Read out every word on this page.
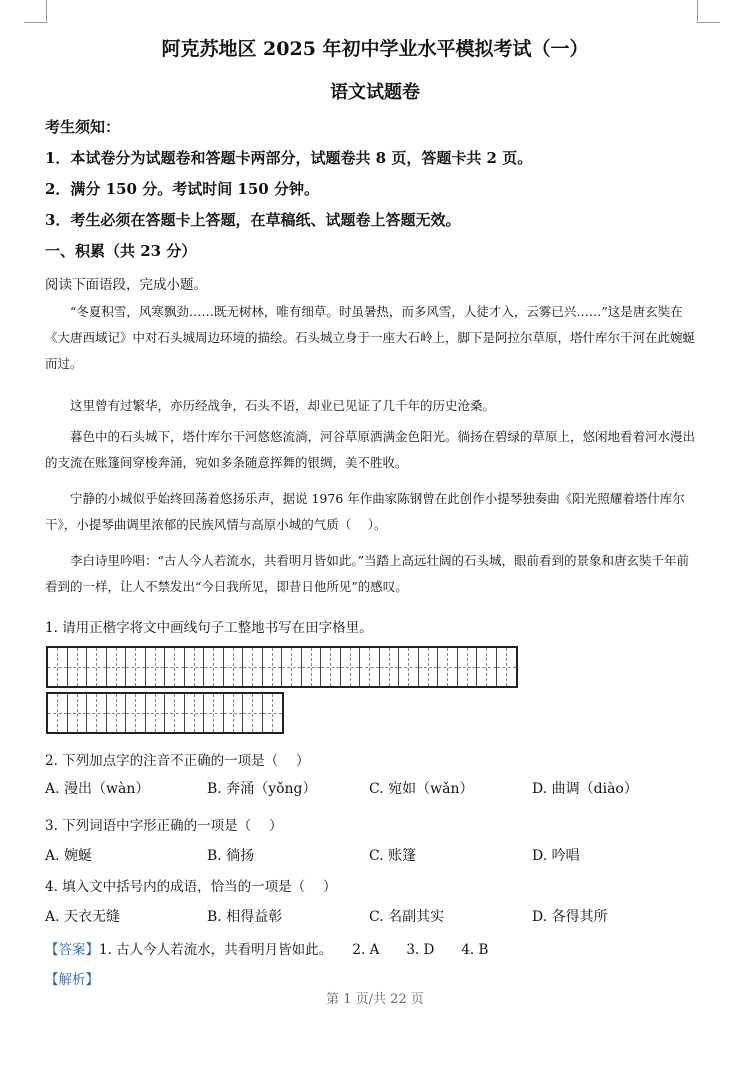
阿克苏地区 2025 年初中学业水平模拟考试（一）
语文试题卷
考生须知：
1．本试卷分为试题卷和答题卡两部分，试题卷共 8 页，答题卡共 2 页。
2．满分 150 分。考试时间 150 分钟。
3．考生必须在答题卡上答题，在草稿纸、试题卷上答题无效。
一、积累（共 23 分）
阅读下面语段，完成小题。
“冬夏积雪，风寒飘劲……既无树林，唯有细草。时虽暑热，而多风雪，人徒才入，云雾已兴……”这是唐玄奘在《大唐西域记》中对石头城周边环境的描绘。石头城立身于一座大石岭上，脚下是阿拉尔草原，塔什库尔干河在此婉蜒而过。
这里曾有过繁华，亦历经战争，石头不语，却业已见证了几千年的历史沧桑。
暮色中的石头城下，塔什库尔干河悠悠流淌，河谷草原洒满金色阳光。徜扬在碧绿的草原上，悠闲地看着河水漫出的支流在账篷间穿梭奔涌，宛如多条随意挥舞的银绸，美不胜收。
宁静的小城似乎始终回荡着悠扬乐声，据说 1976 年作曲家陈钢曾在此创作小提琴独奏曲《阳光照耀着塔什库尔干》，小提琴曲调里浓郁的民族风情与高原小城的气质（　 ）。
李白诗里吟唱：“古人今人若流水，共看明月皆如此。”当踏上高远壮阔的石头城，眼前看到的景象和唐玄奘千年前看到的一样，让人不禁发出“今日我所见，即昔日他所见”的感叹。
1. 请用正楷字将文中画线句子工整地书写在田字格里。
2. 下列加点字的注音不正确的一项是（　 ）
A. 漫出（wàn）	B. 奔涌（yǒng）	C. 宛如（wǎn）	D. 曲调（diào）
3. 下列词语中字形正确的一项是（　 ）
A. 婉蜒	B. 徜扬	C. 账篷	D. 吟唱
4. 填入文中括号内的成语，恰当的一项是（　 ）
A. 天衣无缝	B. 相得益彰	C. 名副其实	D. 各得其所
【答案】1. 古人今人若流水，共看明月皆如此。　　2. A　　3. D　　4. B
【解析】
第 1 页/共 22 页
